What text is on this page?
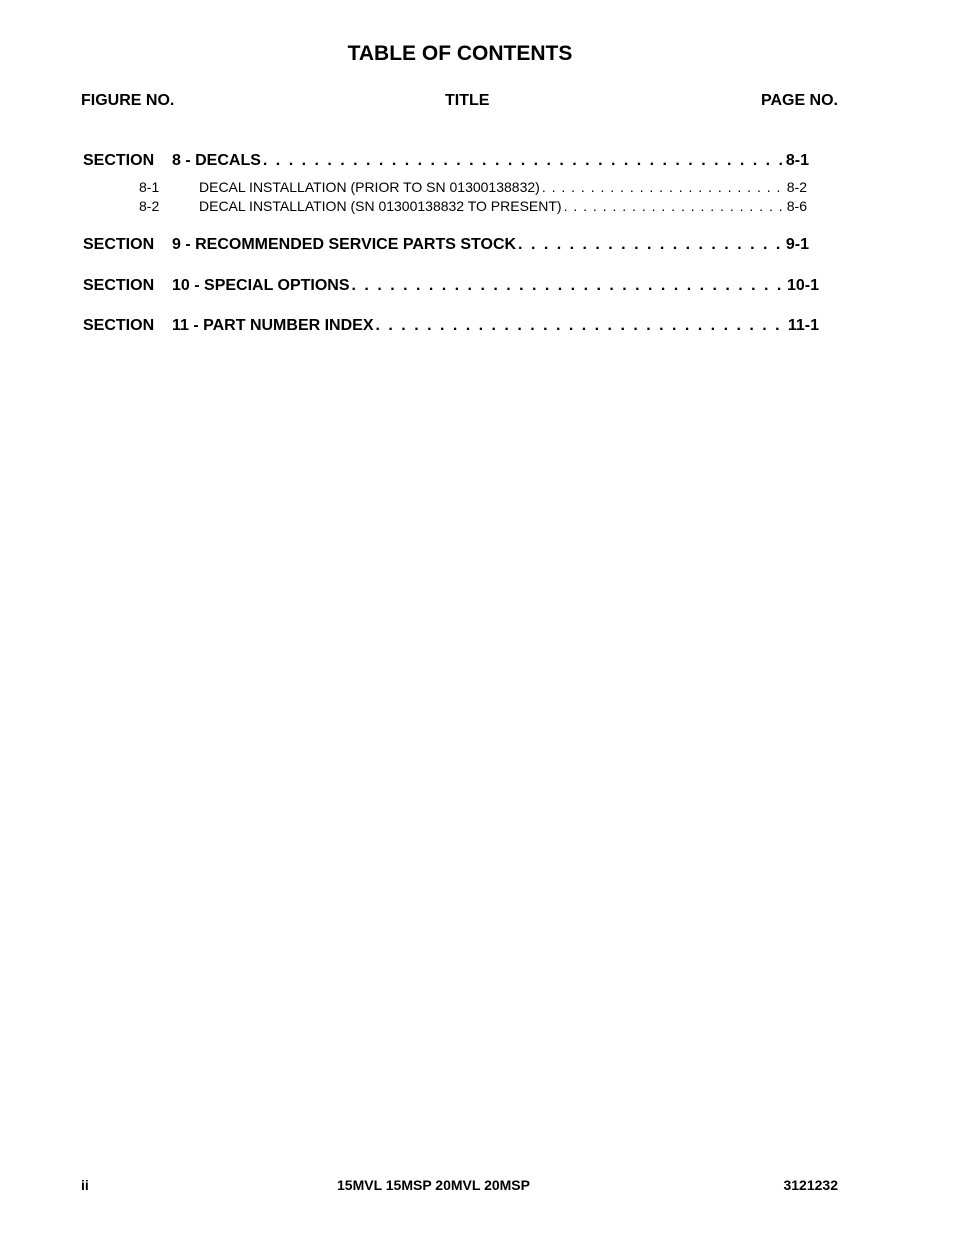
TABLE OF CONTENTS
FIGURE NO.	TITLE	PAGE NO.
SECTION	8 - DECALS . . .	8-1
8-1	DECAL INSTALLATION (PRIOR TO SN 01300138832) . . .	8-2
8-2	DECAL INSTALLATION (SN 01300138832 TO PRESENT) . . .	8-6
SECTION	9 - RECOMMENDED SERVICE PARTS STOCK . . .	9-1
SECTION	10 - SPECIAL OPTIONS . . .	10-1
SECTION	11 - PART NUMBER INDEX . . .	11-1
ii	15MVL 15MSP 20MVL 20MSP	3121232
